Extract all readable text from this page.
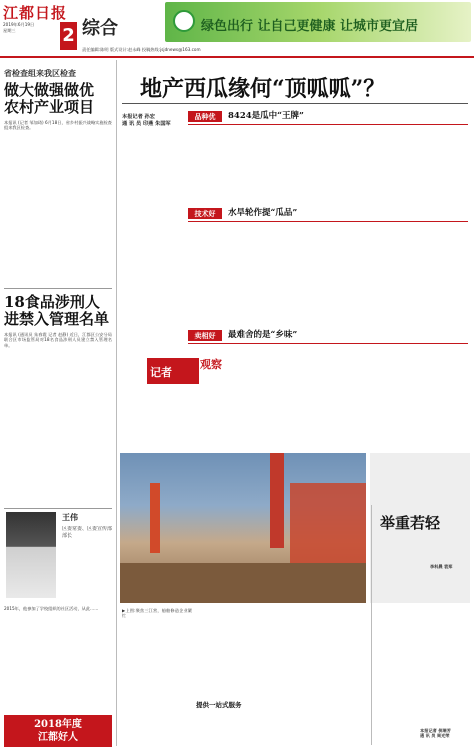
江都日报
2019年6月19日
星期三	2 综合	绿色出行 让自己更健康 让城市更宜居
责任编辑:陈明 版式设计:赵永峰 投稿热线:jsjdnews@163.com
省检查组来我区检查
做大做强做优
农村产业项目
本报讯 (记者 邹加琦) 6月18日，省乡村振兴战略实施检查组来我区检查。
18食品涉刑人
进禁入管理名单
本报讯 (通讯员 朱春霞 记者 赵静) 近日，江都区公安分局联合区市场监管局对18名食品涉刑人员建立禁入管理名单。
王伟
区委常委、区委宣传部部长
2015年，他参加了学校组织的社区活动，从此……
2018年度
江都好人
地产西瓜缘何“顶呱呱”？
本报记者 孙宏
通 讯 员 印燕 朱国军
品种优	8424是瓜中“王牌”
技术好	水旱轮作提“瓜品”
卖相好	最难舍的是“乡味”
记者
观察
举重若轻
李科晨 袁郑
本报记者 侯瑞芳
通 讯 员 周光荣
▶上图:聚焦三江营，船舶修造企业繁忙
提供一站式服务
